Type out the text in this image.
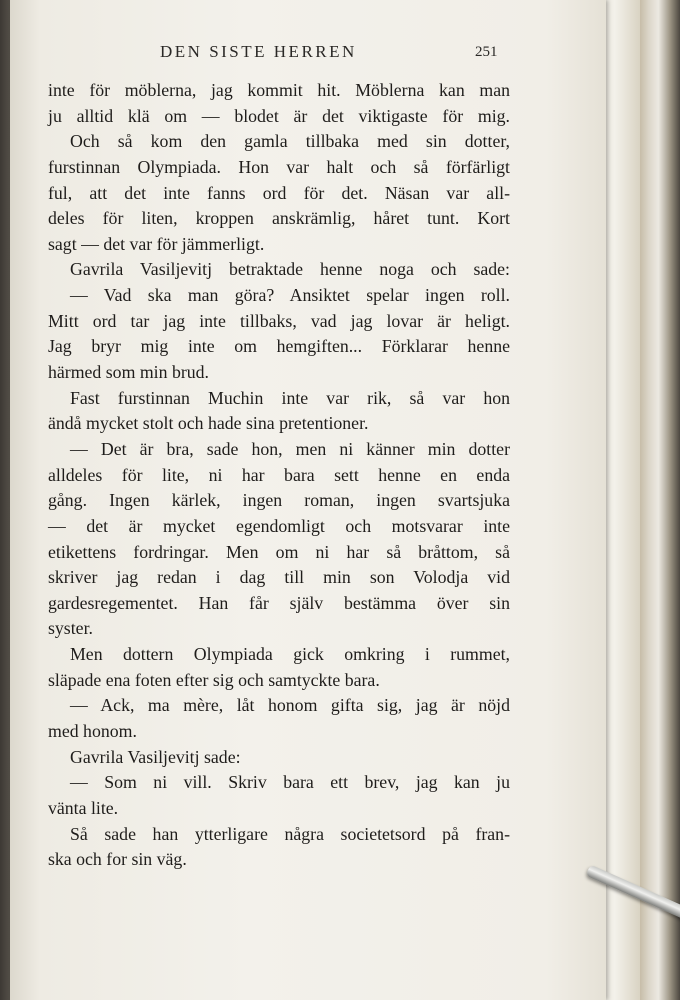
DEN SISTE HERREN	251
inte för möblerna, jag kommit hit. Möblerna kan man
ju alltid klä om — blodet är det viktigaste för mig.
Och så kom den gamla tillbaka med sin dotter,
furstinnan Olympiada. Hon var halt och så förfärligt
ful, att det inte fanns ord för det. Näsan var all-
deles för liten, kroppen anskrämlig, håret tunt. Kort
sagt — det var för jämmerligt.
Gavrila Vasiljevitj betraktade henne noga och sade:
— Vad ska man göra? Ansiktet spelar ingen roll.
Mitt ord tar jag inte tillbaks, vad jag lovar är heligt.
Jag bryr mig inte om hemgiften... Förklarar henne
härmed som min brud.
Fast furstinnan Muchin inte var rik, så var hon
ändå mycket stolt och hade sina pretentioner.
— Det är bra, sade hon, men ni känner min dotter
alldeles för lite, ni har bara sett henne en enda
gång. Ingen kärlek, ingen roman, ingen svartsjuka
— det är mycket egendomligt och motsvarar inte
etikettens fordringar. Men om ni har så bråttom, så
skriver jag redan i dag till min son Volodja vid
gardesregementet. Han får själv bestämma över sin
syster.
Men dottern Olympiada gick omkring i rummet,
släpade ena foten efter sig och samtyckte bara.
— Ack, ma mère, låt honom gifta sig, jag är nöjd
med honom.
Gavrila Vasiljevitj sade:
— Som ni vill. Skriv bara ett brev, jag kan ju
vänta lite.
Så sade han ytterligare några societetsord på fran-
ska och for sin väg.
